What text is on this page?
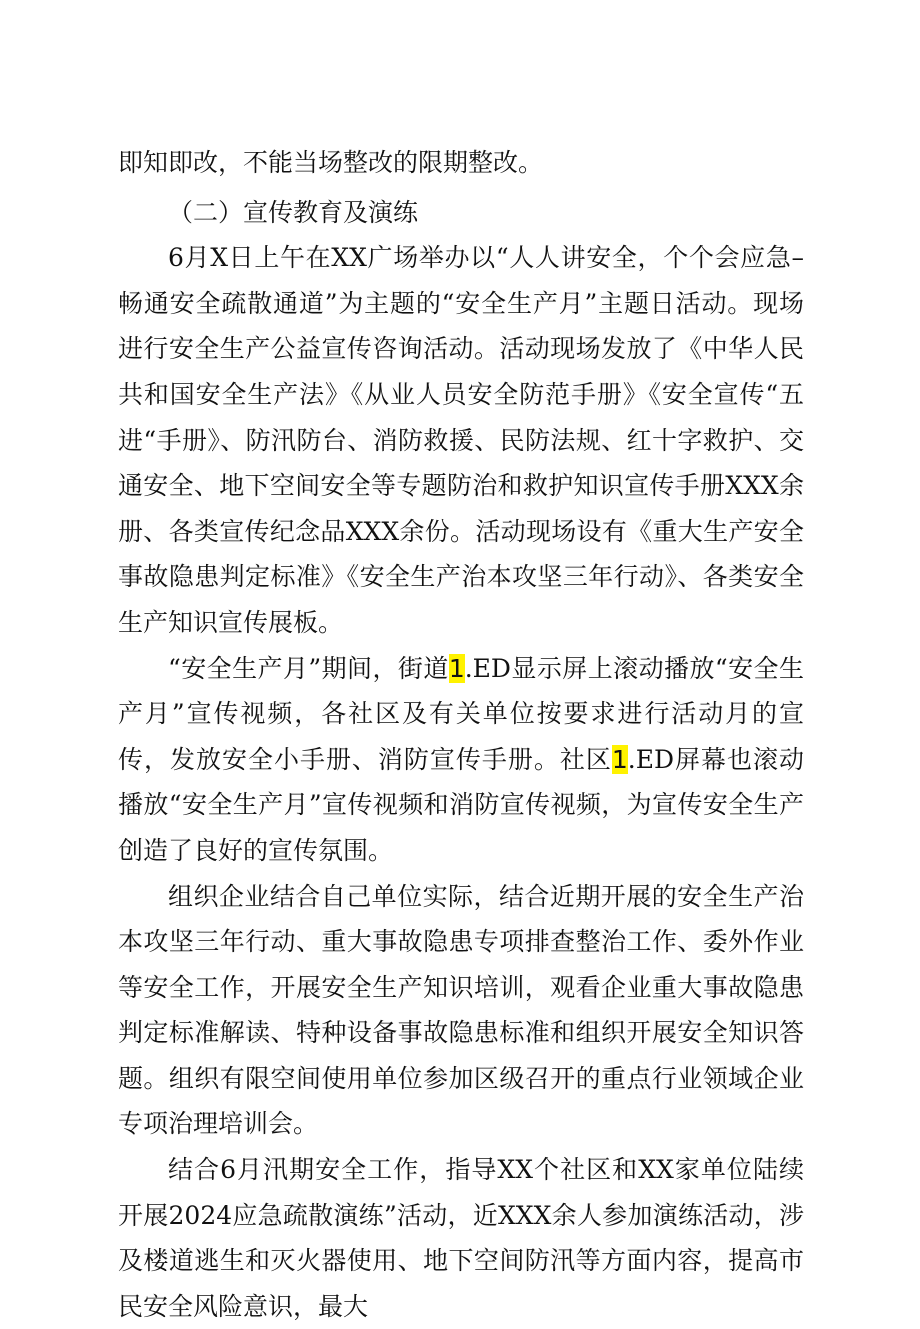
即知即改，不能当场整改的限期整改。

（二）宣传教育及演练

6月X日上午在XX广场举办以“人人讲安全，个个会应急–畅通安全疏散通道”为主题的“安全生产月”主题日活动。现场进行安全生产公益宣传咨询活动。活动现场发放了《中华人民共和国安全生产法》《从业人员安全防范手册》《安全宣传“五进“手册》、防汛防台、消防救援、民防法规、红十字救护、交通安全、地下空间安全等专题防治和救护知识宣传手册XXX余册、各类宣传纪念品XXX余份。活动现场设有《重大生产安全事故隐患判定标准》《安全生产治本攻坚三年行动》、各类安全生产知识宣传展板。

“安全生产月”期间，街道1.ED显示屏上滚动播放“安全生产月”宣传视频，各社区及有关单位按要求进行活动月的宣传，发放安全小手册、消防宣传手册。社区1.ED屏幕也滚动播放“安全生产月”宣传视频和消防宣传视频，为宣传安全生产创造了良好的宣传氛围。

组织企业结合自己单位实际，结合近期开展的安全生产治本攻坚三年行动、重大事故隐患专项排查整治工作、委外作业等安全工作，开展安全生产知识培训，观看企业重大事故隐患判定标准解读、特种设备事故隐患标准和组织开展安全知识答题。组织有限空间使用单位参加区级召开的重点行业领域企业专项治理培训会。

结合6月汛期安全工作，指导XX个社区和XX家单位陆续开展2024应急疏散演练”活动，近XXX余人参加演练活动，涉及楼道逃生和灭火器使用、地下空间防汛等方面内容，提高市民安全风险意识，最大
